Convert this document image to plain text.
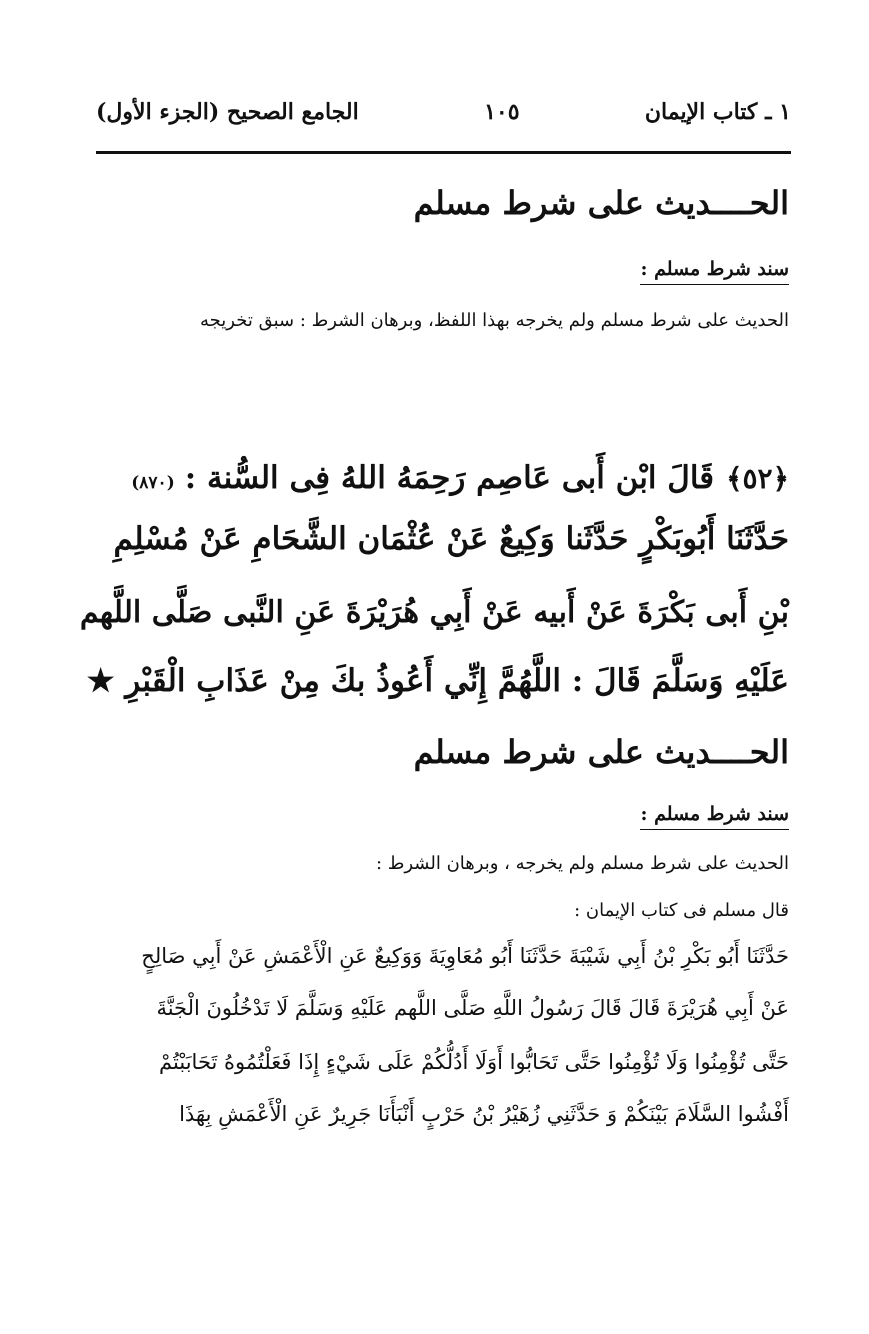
١ ـ كتاب الإيمان
١٠٥
الجامع الصحيح (الجزء الأول)
الحــــديث على شرط مسلم
سند شرط مسلم :
الحديث على شرط مسلم ولم يخرجه بهذا اللفظ، وبرهان الشرط : سبق تخريجه
﴿٥٢﴾قَالَ ابْن أَبى عَاصِم رَحِمَهُ اللهُ فِى السُّنة :(٨٧٠)
حَدَّثَنَا أَبُوبَكْرٍ حَدَّثَنا وَكِيعٌ عَنْ عُثْمَان الشَّحَامِ عَنْ مُسْلِمِ
بْنِ أَبى بَكْرَةَ عَنْ أَبيه عَنْ أَبِي هُرَيْرَةَ عَنِ النَّبى صَلَّى اللَّهم
عَلَيْهِ وَسَلَّمَ قَالَ : اللَّهُمَّ إِنِّي أَعُوذُ بكَ مِنْ عَذَابِ الْقَبْرِ ★
الحــــديث على شرط مسلم
سند شرط مسلم :
الحديث على شرط مسلم ولم يخرجه ، وبرهان الشرط :
قال مسلم فى كتاب الإيمان :
حَدَّثَنَا أَبُو بَكْرِ بْنُ أَبِي شَيْبَةَ حَدَّثَنَا أَبُو مُعَاوِيَةَ وَوَكِيعٌ عَنِ الْأَعْمَشِ عَنْ أَبِي صَالِحٍ
عَنْ أَبِي هُرَيْرَةَ قَالَ قَالَ رَسُولُ اللَّهِ صَلَّى اللَّهم عَلَيْهِ وَسَلَّمَ لَا تَدْخُلُونَ الْجَنَّةَ
حَتَّى تُؤْمِنُوا وَلَا تُؤْمِنُوا حَتَّى تَحَابُّوا أَوَلَا أَدُلُّكُمْ عَلَى شَيْءٍ إِذَا فَعَلْتُمُوهُ تَحَابَبْتُمْ
أَفْشُوا السَّلَامَ بَيْنَكُمْ وَ حَدَّثَنِي زُهَيْرُ بْنُ حَرْبٍ أَنْبَأَنَا جَرِيرٌ عَنِ الْأَعْمَشِ بِهَذَا
